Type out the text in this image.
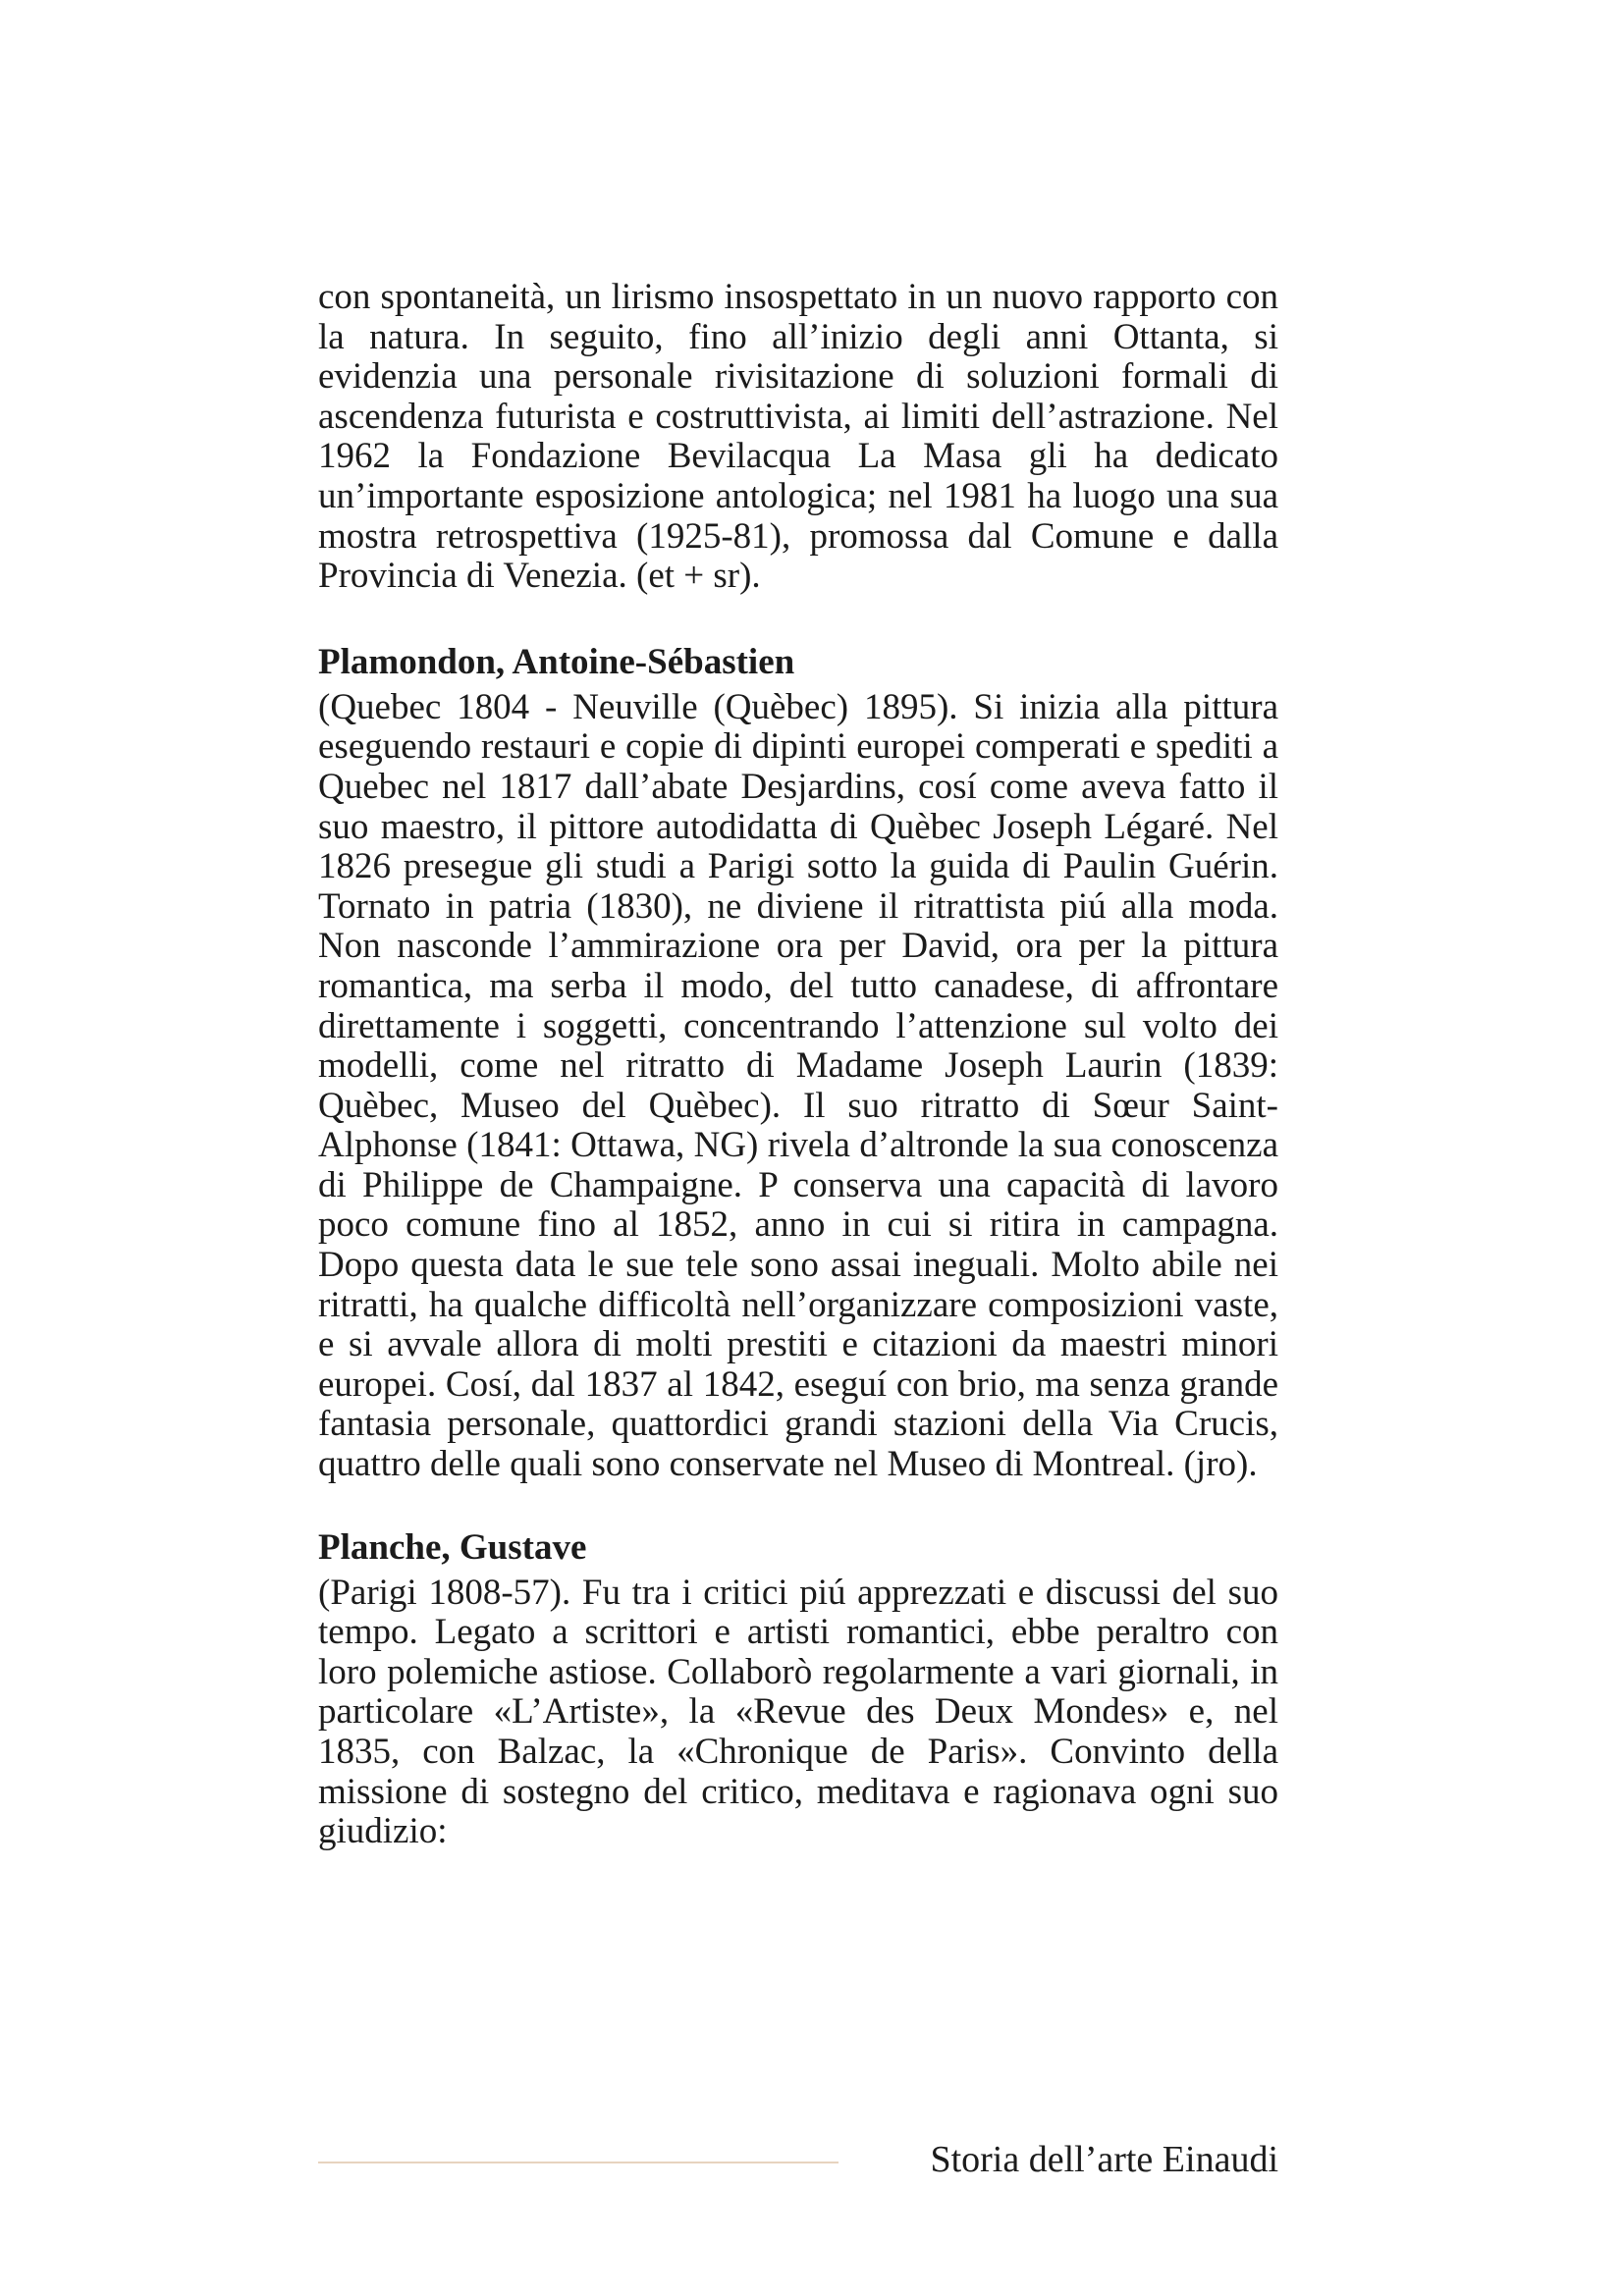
con spontaneità, un lirismo insospettato in un nuovo rapporto con la natura. In seguito, fino all’inizio degli anni Ottanta, si evidenzia una personale rivisitazione di soluzioni formali di ascendenza futurista e costruttivista, ai limiti dell’astrazione. Nel 1962 la Fondazione Bevilacqua La Masa gli ha dedicato un’importante esposizione antologica; nel 1981 ha luogo una sua mostra retrospettiva (1925-81), promossa dal Comune e dalla Provincia di Venezia. (et + sr).

Plamondon, Antoine-Sébastien

(Quebec 1804 - Neuville (Quèbec) 1895). Si inizia alla pittura eseguendo restauri e copie di dipinti europei comperati e spediti a Quebec nel 1817 dall’abate Desjardins, cosí come aveva fatto il suo maestro, il pittore autodidatta di Quèbec Joseph Légaré. Nel 1826 presegue gli studi a Parigi sotto la guida di Paulin Guérin. Tornato in patria (1830), ne diviene il ritrattista piú alla moda. Non nasconde l’ammirazione ora per David, ora per la pittura romantica, ma serba il modo, del tutto canadese, di affrontare direttamente i soggetti, concentrando l’attenzione sul volto dei modelli, come nel ritratto di Madame Joseph Laurin (1839: Quèbec, Museo del Quèbec). Il suo ritratto di Sœur Saint-Alphonse (1841: Ottawa, NG) rivela d’altronde la sua conoscenza di Philippe de Champaigne. P conserva una capacità di lavoro poco comune fino al 1852, anno in cui si ritira in campagna. Dopo questa data le sue tele sono assai ineguali. Molto abile nei ritratti, ha qualche difficoltà nell’organizzare composizioni vaste, e si avvale allora di molti prestiti e citazioni da maestri minori europei. Cosí, dal 1837 al 1842, eseguí con brio, ma senza grande fantasia personale, quattordici grandi stazioni della Via Crucis, quattro delle quali sono conservate nel Museo di Montreal. (jro).

Planche, Gustave

(Parigi 1808-57). Fu tra i critici piú apprezzati e discussi del suo tempo. Legato a scrittori e artisti romantici, ebbe peraltro con loro polemiche astiose. Collaborò regolarmente a vari giornali, in particolare «L’Artiste», la «Revue des Deux Mondes» e, nel 1835, con Balzac, la «Chronique de Paris». Convinto della missione di sostegno del critico, meditava e ragionava ogni suo giudizio:

Storia dell’arte Einaudi
